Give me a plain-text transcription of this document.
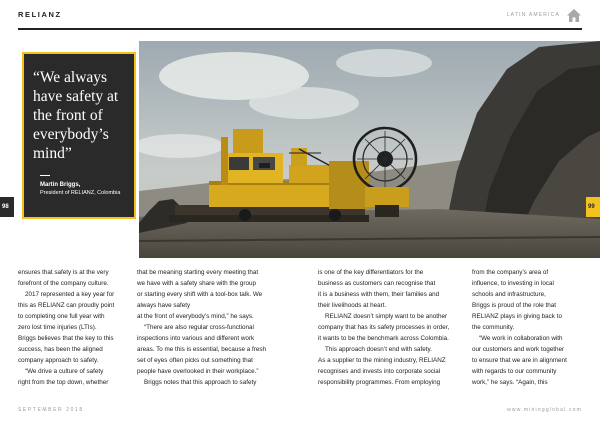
RELIANZ	LATIN AMERICA
“We always have safety at the front of everybody’s mind”
Martin Briggs,
President of RELIANZ, Colombia
98	99

ensures that safety is at the very

forefront of the company culture.

2017 represented a key year for

this as RELIANZ can proudly point

to completing one full year with

zero lost time injuries (LTIs).

Briggs believes that the key to this

success, has been the aligned

company approach to safety.

“We drive a culture of safety

right from the top down, whether

that be meaning starting every meeting that

we have with a safety share with the group

or starting every shift with a tool-box talk. We

always have safety

at the front of everybody’s mind,” he says.

“There are also regular cross-functional

inspections into various and different work

areas. To me this is essential, because a fresh

set of eyes often picks out something that

people have overlooked in their workplace.”

Briggs notes that this approach to safety

is one of the key differentiators for the

business as customers can recognise that

it is a business with them, their families and

their livelihoods at heart.

RELIANZ doesn’t simply want to be another

company that has its safety processes in order,

it wants to be the benchmark across Colombia.

This approach doesn’t end with safety.

As a supplier to the mining industry, RELIANZ

recognises and invests into corporate social

responsibility programmes. From employing

from the company’s area of

influence, to investing in local

schools and infrastructure,

Briggs is proud of the role that

RELIANZ plays in giving back to

the community.

“We work in collaboration with

our customers and work together

to ensure that we are in alignment

with regards to our community

work,” he says. “Again, this

SEPTEMBER 2018	www.miningglobal.com
